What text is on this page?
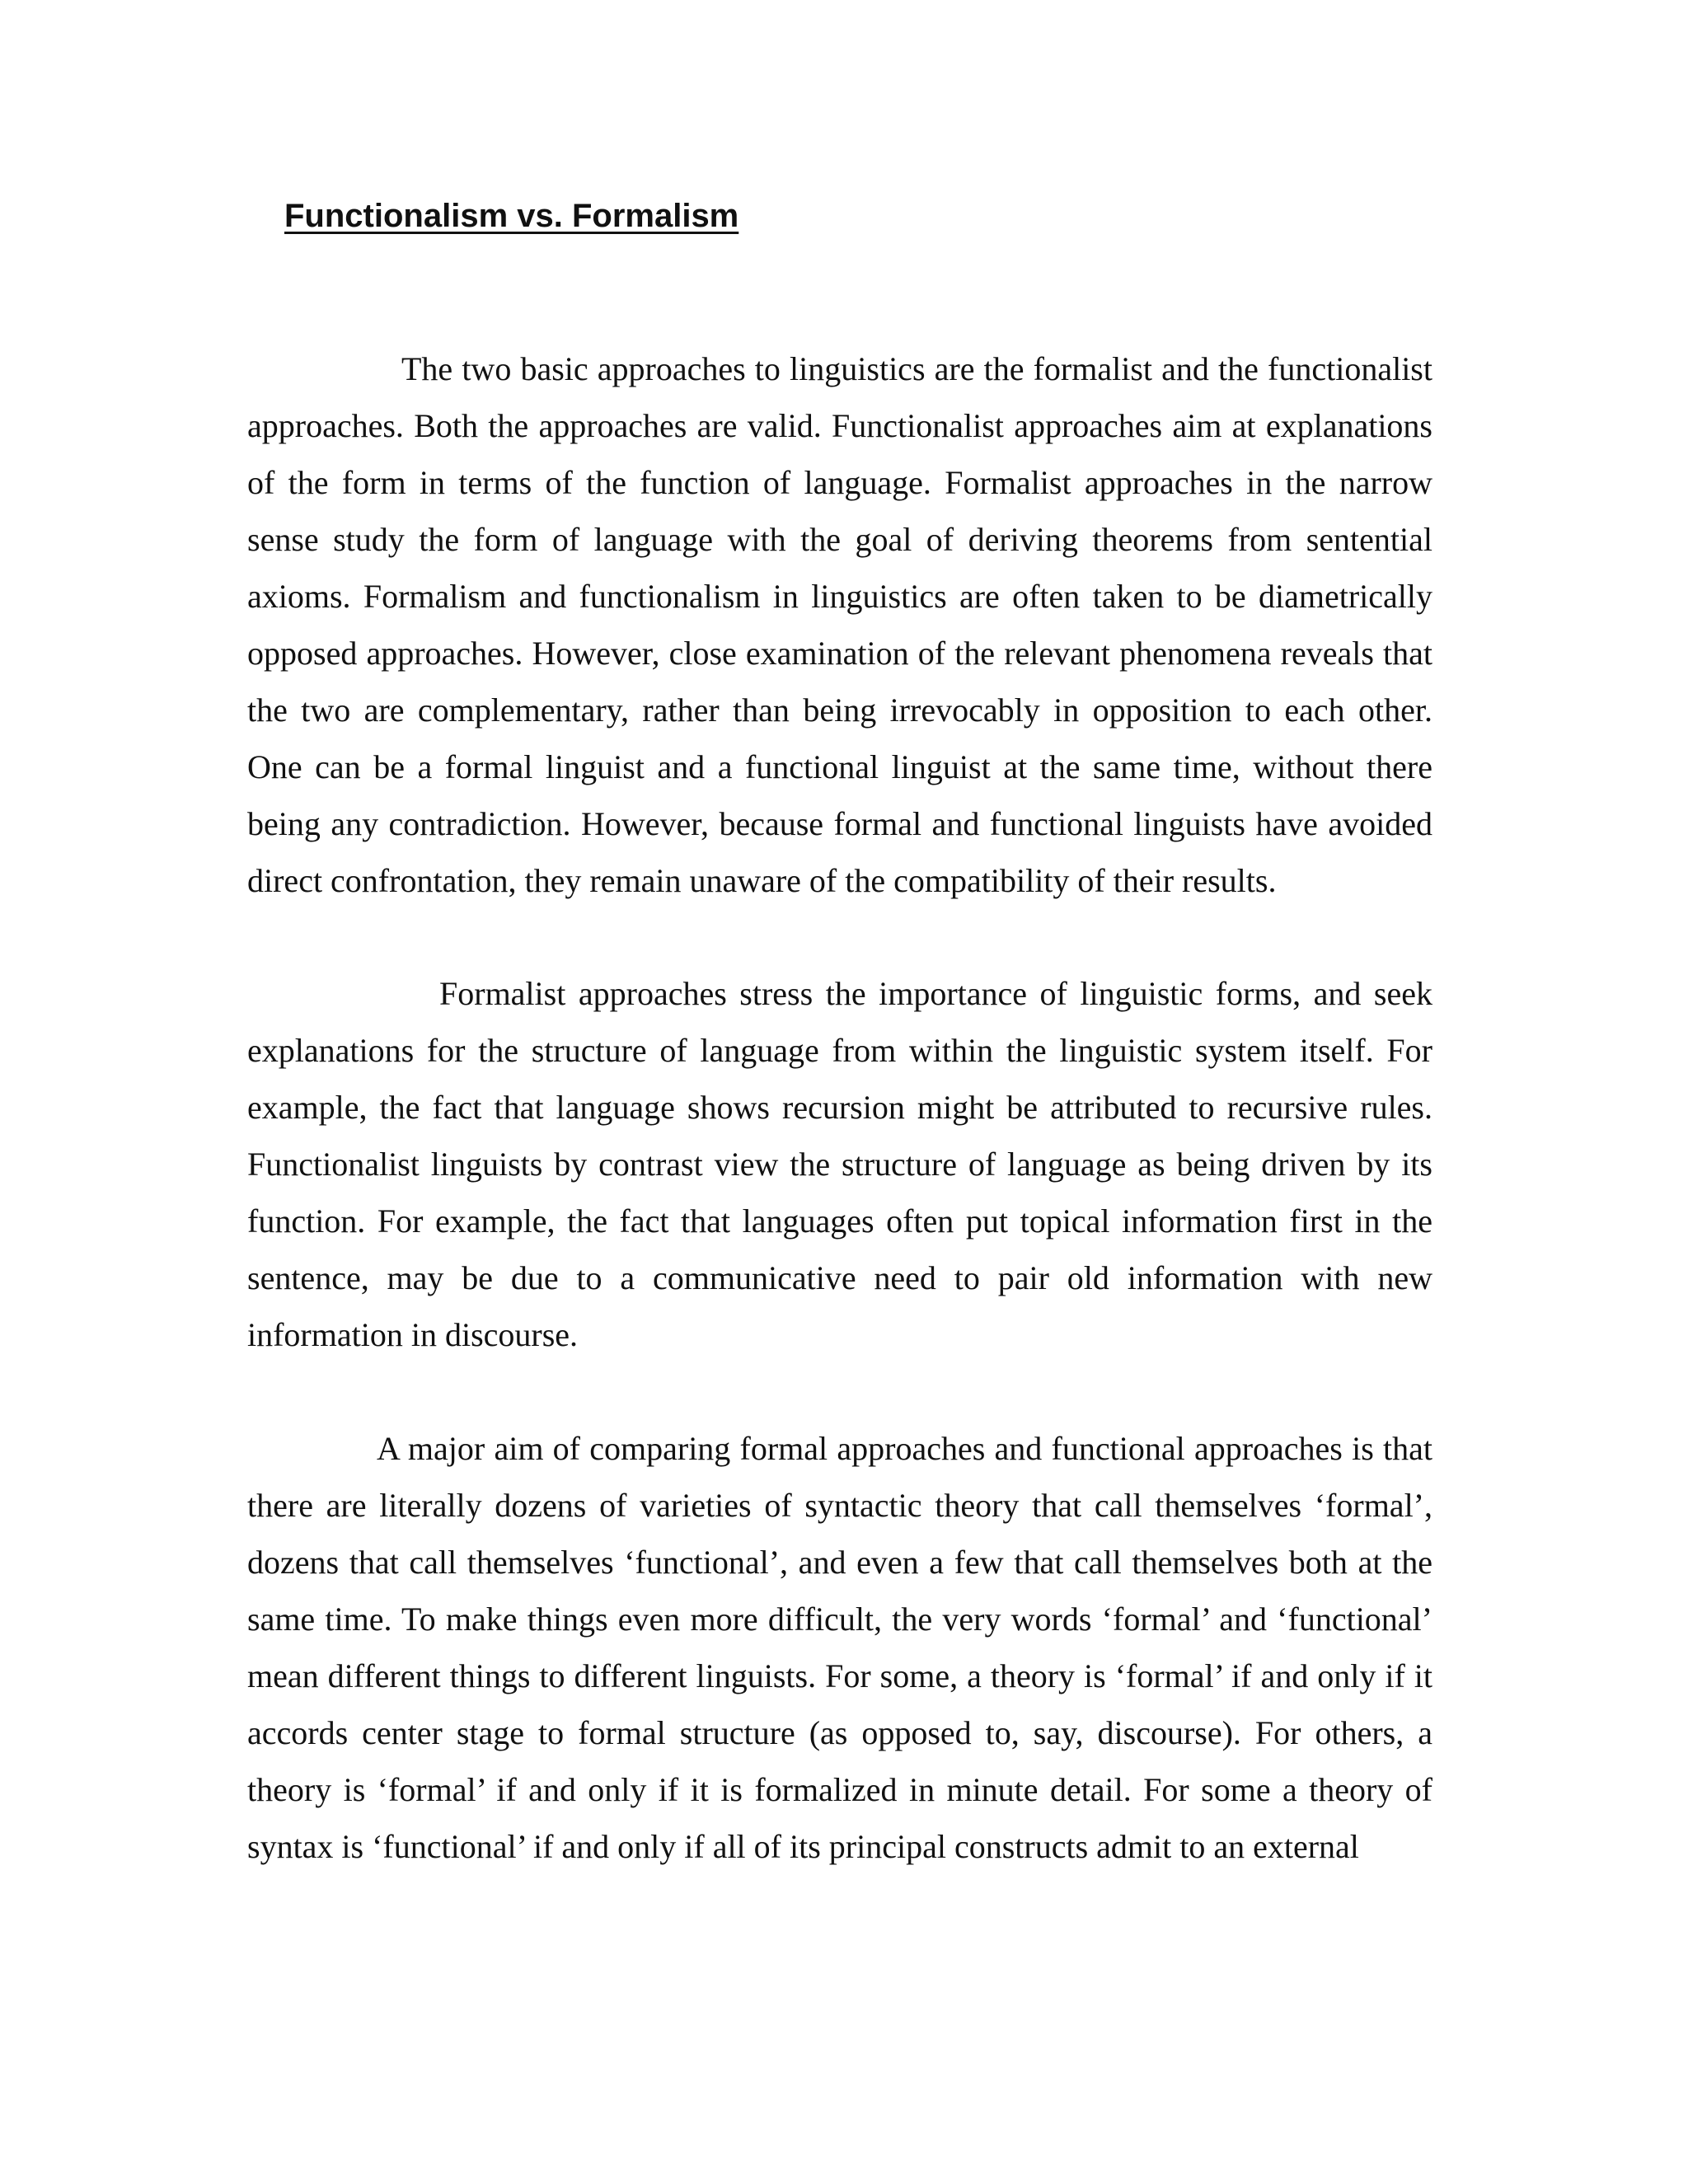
Functionalism vs. Formalism

The two basic approaches to linguistics are the formalist and the functionalist approaches. Both the approaches are valid. Functionalist approaches aim at explanations of the form in terms of the function of language. Formalist approaches in the narrow sense study the form of language with the goal of deriving theorems from sentential axioms. Formalism and functionalism in linguistics are often taken to be diametrically opposed approaches. However, close examination of the relevant phenomena reveals that the two are complementary, rather than being irrevocably in opposition to each other. One can be a formal linguist and a functional linguist at the same time, without there being any contradiction. However, because formal and functional linguists have avoided direct confrontation, they remain unaware of the compatibility of their results.

Formalist approaches stress the importance of linguistic forms, and seek explanations for the structure of language from within the linguistic system itself. For example, the fact that language shows recursion might be attributed to recursive rules. Functionalist linguists by contrast view the structure of language as being driven by its function. For example, the fact that languages often put topical information first in the sentence, may be due to a communicative need to pair old information with new information in discourse.

A major aim of comparing formal approaches and functional approaches is that there are literally dozens of varieties of syntactic theory that call themselves ‘formal’, dozens that call themselves ‘functional’, and even a few that call themselves both at the same time. To make things even more difficult, the very words ‘formal’ and ‘functional’ mean different things to different linguists. For some, a theory is ‘formal’ if and only if it accords center stage to formal structure (as opposed to, say, discourse). For others, a theory is ‘formal’ if and only if it is formalized in minute detail. For some a theory of syntax is ‘functional’ if and only if all of its principal constructs admit to an external
